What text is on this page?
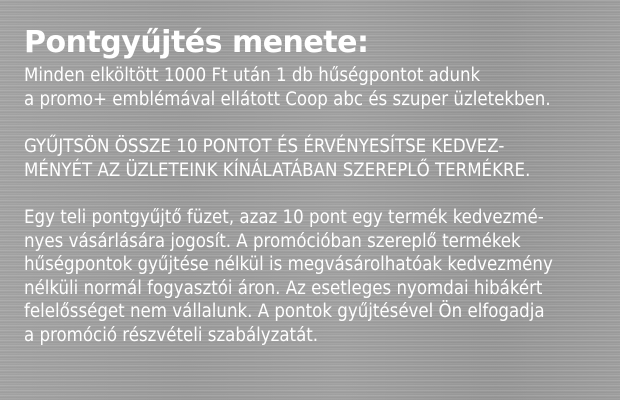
Pontgyűjtés menete:

Minden elköltött 1000 Ft után 1 db hűségpontot adunk
a promo+ emblémával ellátott Coop abc és szuper üzletekben.

GYŰJTSÖN ÖSSZE 10 PONTOT ÉS ÉRVÉNYESÍTSE KEDVEZ-
MÉNYÉT AZ ÜZLETEINK KÍNÁLATÁBAN SZEREPLŐ TERMÉKRE.

Egy teli pontgyűjtő füzet, azaz 10 pont egy termék kedvezmé-
nyes vásárlására jogosít. A promócióban szereplő termékek
hűségpontok gyűjtése nélkül is megvásárolhatóak kedvezmény
nélküli normál fogyasztói áron. Az esetleges nyomdai hibákért
felelősséget nem vállalunk. A pontok gyűjtésével Ön elfogadja
a promóció részvételi szabályzatát.
